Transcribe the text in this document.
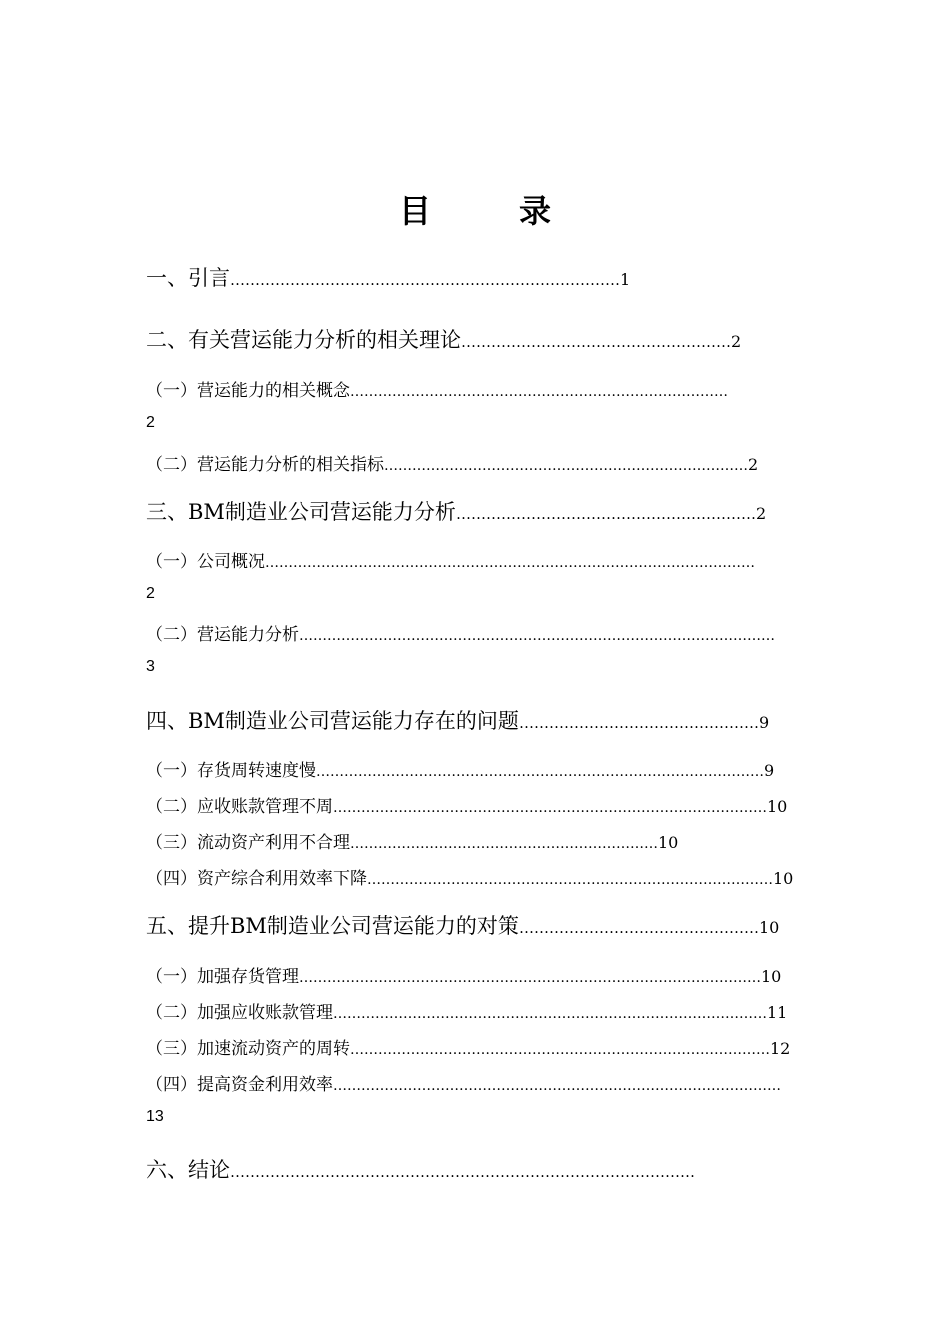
目　录
一、引言……………………………………………………………………1
二、有关营运能力分析的相关理论………………………………………………2
（一）营运能力的相关概念………………………………………………………………………
2
（二）营运能力分析的相关指标……………………………………………………………………2
三、BM制造业公司营运能力分析……………………………………………………2
（一）公司概况……………………………………………………………………………………………
2
（二）营运能力分析…………………………………………………………………………………………
3
四、BM制造业公司营运能力存在的问题…………………………………………9
（一）存货周转速度慢……………………………………………………………………………………9
（二）应收账款管理不周…………………………………………………………………………………10
（三）流动资产利用不合理…………………………………………………………10
（四）资产综合利用效率下降……………………………………………………………………………10
五、提升BM制造业公司营运能力的对策…………………………………………10
（一）加强存货管理………………………………………………………………………………………10
（二）加强应收账款管理…………………………………………………………………………………11
（三）加速流动资产的周转………………………………………………………………………………12
（四）提高资金利用效率……………………………………………………………………………………
13
六、结论…………………………………………………………………………………
